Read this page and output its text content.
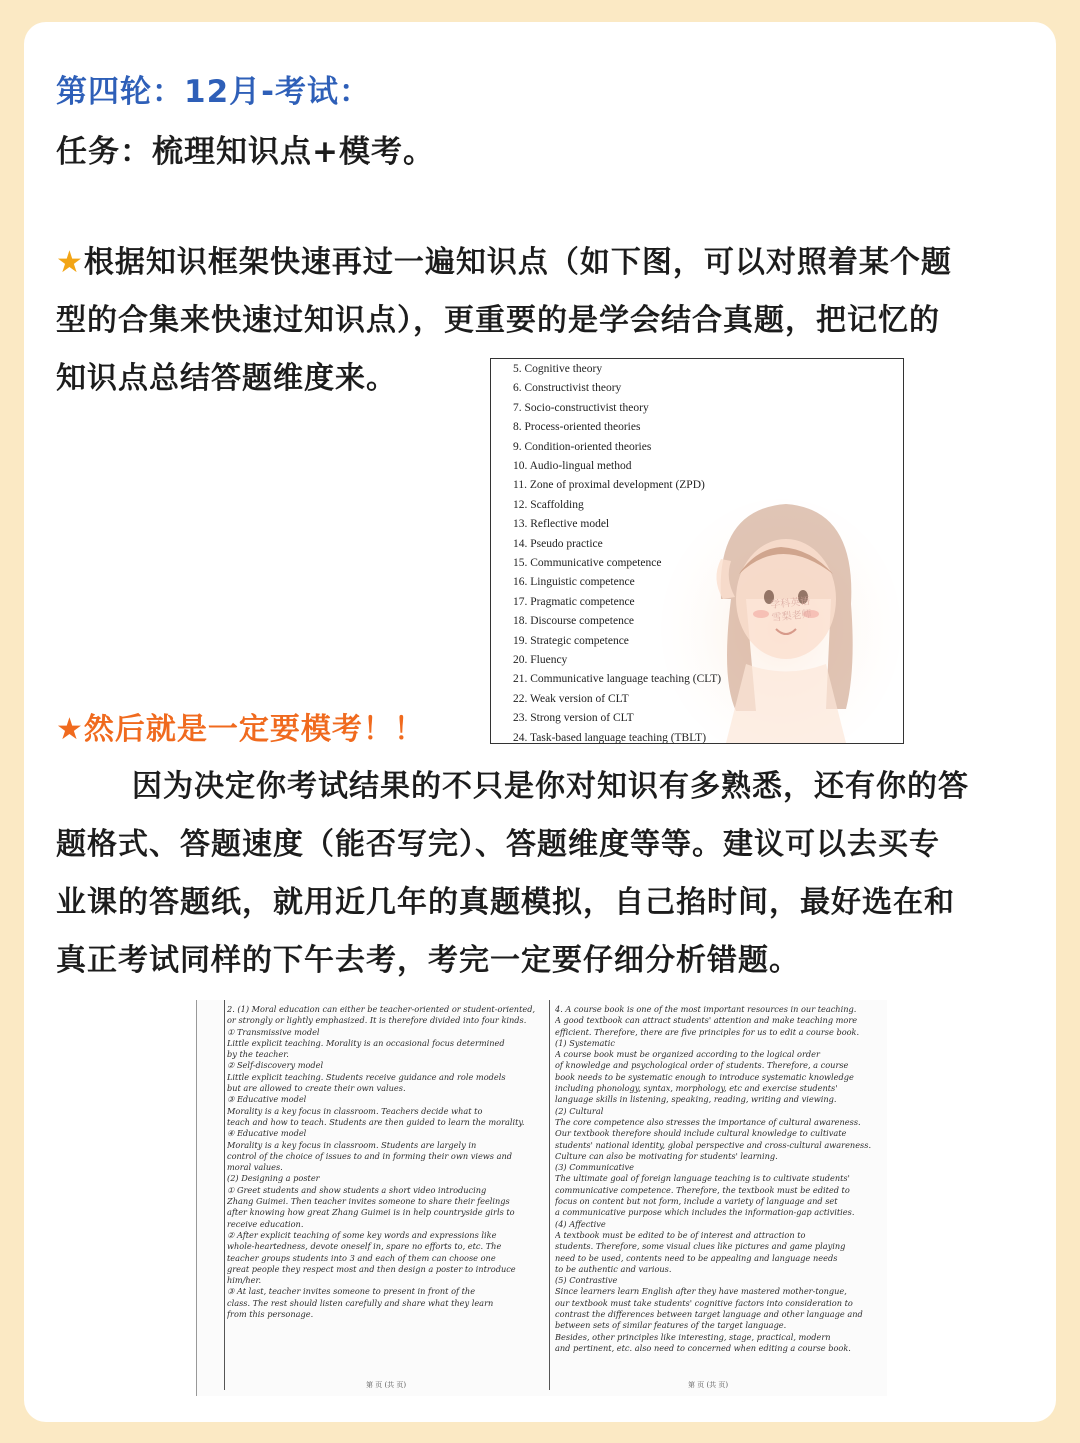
第四轮：12月-考试：
任务：梳理知识点+模考。
★根据知识框架快速再过一遍知识点（如下图，可以对照着某个题
型的合集来快速过知识点），更重要的是学会结合真题，把记忆的
知识点总结答题维度来。
学科英语
雪梨老师
5. Cognitive theory
6. Constructivist theory
7. Socio-constructivist theory
8. Process-oriented theories
9. Condition-oriented theories
10. Audio-lingual method
11. Zone of proximal development (ZPD)
12. Scaffolding
13. Reflective model
14. Pseudo practice
15. Communicative competence
16. Linguistic competence
17. Pragmatic competence
18. Discourse competence
19. Strategic competence
20. Fluency
21. Communicative language teaching (CLT)
22. Weak version of CLT
23. Strong version of CLT
24. Task-based language teaching (TBLT)
★然后就是一定要模考！！
因为决定你考试结果的不只是你对知识有多熟悉，还有你的答
题格式、答题速度（能否写完）、答题维度等等。建议可以去买专
业课的答题纸，就用近几年的真题模拟，自己掐时间，最好选在和
真正考试同样的下午去考，考完一定要仔细分析错题。
2. (1) Moral education can either be teacher-oriented or student-oriented,
or strongly or lightly emphasized. It is therefore divided into four kinds.
① Transmissive model
Little explicit teaching. Morality is an occasional focus determined
by the teacher.
② Self-discovery model
Little explicit teaching. Students receive guidance and role models
but are allowed to create their own values.
③ Educative model
Morality is a key focus in classroom. Teachers decide what to
teach and how to teach. Students are then guided to learn the morality.
④ Educative model
Morality is a key focus in classroom. Students are largely in
control of the choice of issues to and in forming their own views and
moral values.
(2) Designing a poster
① Greet students and show students a short video introducing
Zhang Guimei. Then teacher invites someone to share their feelings
after knowing how great Zhang Guimei is in help countryside girls to
receive education.
② After explicit teaching of some key words and expressions like
whole-heartedness, devote oneself in, spare no efforts to, etc. The
teacher groups students into 3 and each of them can choose one
great people they respect most and then design a poster to introduce
him/her.
③ At last, teacher invites someone to present in front of the
class. The rest should listen carefully and share what they learn
from this personage.
4. A course book is one of the most important resources in our teaching.
A good textbook can attract students' attention and make teaching more
efficient. Therefore, there are five principles for us to edit a course book.
(1) Systematic
A course book must be organized according to the logical order
of knowledge and psychological order of students. Therefore, a course
book needs to be systematic enough to introduce systematic knowledge
including phonology, syntax, morphology, etc and exercise students'
language skills in listening, speaking, reading, writing and viewing.
(2) Cultural
The core competence also stresses the importance of cultural awareness.
Our textbook therefore should include cultural knowledge to cultivate
students' national identity, global perspective and cross-cultural awareness.
Culture can also be motivating for students' learning.
(3) Communicative
The ultimate goal of foreign language teaching is to cultivate students'
communicative competence. Therefore, the textbook must be edited to
focus on content but not form, include a variety of language and set
a communicative purpose which includes the information-gap activities.
(4) Affective
A textbook must be edited to be of interest and attraction to
students. Therefore, some visual clues like pictures and game playing
need to be used, contents need to be appealing and language needs
to be authentic and various.
(5) Contrastive
Since learners learn English after they have mastered mother-tongue,
our textbook must take students' cognitive factors into consideration to
contrast the differences between target language and other language and
between sets of similar features of the target language.
Besides, other principles like interesting, stage, practical, modern
and pertinent, etc. also need to concerned when editing a course book.
第 页 (共 页)	第 页 (共 页)
